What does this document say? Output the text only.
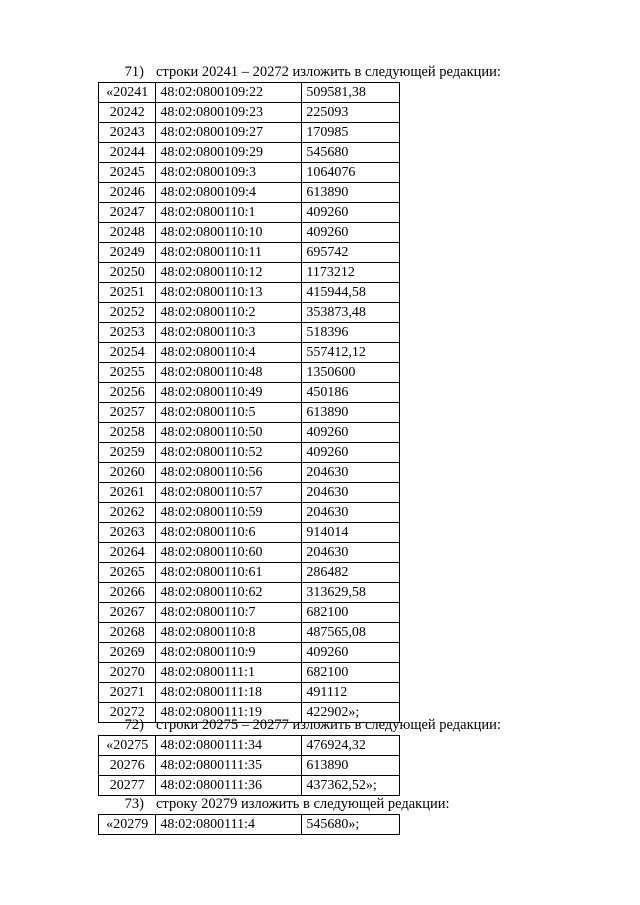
71) строки 20241 – 20272 изложить в следующей редакции:
«20241	48:02:0800109:22	509581,38
20242	48:02:0800109:23	225093
20243	48:02:0800109:27	170985
20244	48:02:0800109:29	545680
20245	48:02:0800109:3	1064076
20246	48:02:0800109:4	613890
20247	48:02:0800110:1	409260
20248	48:02:0800110:10	409260
20249	48:02:0800110:11	695742
20250	48:02:0800110:12	1173212
20251	48:02:0800110:13	415944,58
20252	48:02:0800110:2	353873,48
20253	48:02:0800110:3	518396
20254	48:02:0800110:4	557412,12
20255	48:02:0800110:48	1350600
20256	48:02:0800110:49	450186
20257	48:02:0800110:5	613890
20258	48:02:0800110:50	409260
20259	48:02:0800110:52	409260
20260	48:02:0800110:56	204630
20261	48:02:0800110:57	204630
20262	48:02:0800110:59	204630
20263	48:02:0800110:6	914014
20264	48:02:0800110:60	204630
20265	48:02:0800110:61	286482
20266	48:02:0800110:62	313629,58
20267	48:02:0800110:7	682100
20268	48:02:0800110:8	487565,08
20269	48:02:0800110:9	409260
20270	48:02:0800111:1	682100
20271	48:02:0800111:18	491112
20272	48:02:0800111:19	422902»;
72) строки 20275 – 20277 изложить в следующей редакции:
«20275	48:02:0800111:34	476924,32
20276	48:02:0800111:35	613890
20277	48:02:0800111:36	437362,52»;
73) строку 20279 изложить в следующей редакции:
«20279	48:02:0800111:4	545680»;
